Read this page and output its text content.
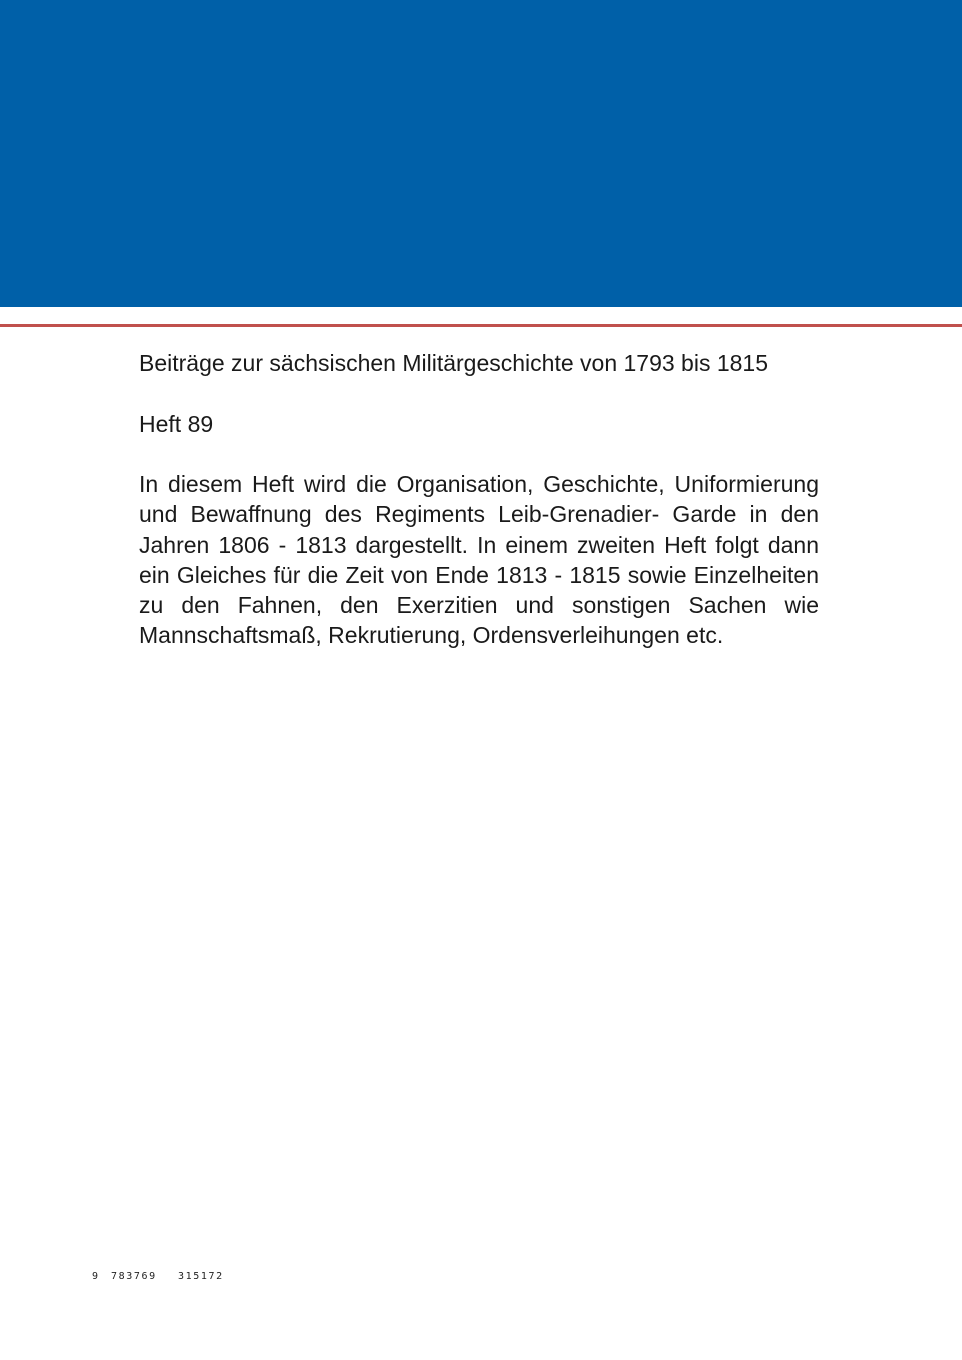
Beiträge zur sächsischen Militärgeschichte von 1793 bis 1815

Heft 89

In diesem Heft wird die Organisation, Geschichte, Uniformierung und Bewaffnung des Regiments Leib-Grenadier- Garde in den Jahren 1806 - 1813 dargestellt. In einem zweiten Heft folgt dann ein Gleiches für die Zeit von Ende 1813 - 1815 sowie Einzelheiten zu den Fahnen, den Exerzitien und sonstigen Sachen wie Mannschaftsmaß, Rekrutierung, Ordensverleihungen etc.

9 783769 315172
